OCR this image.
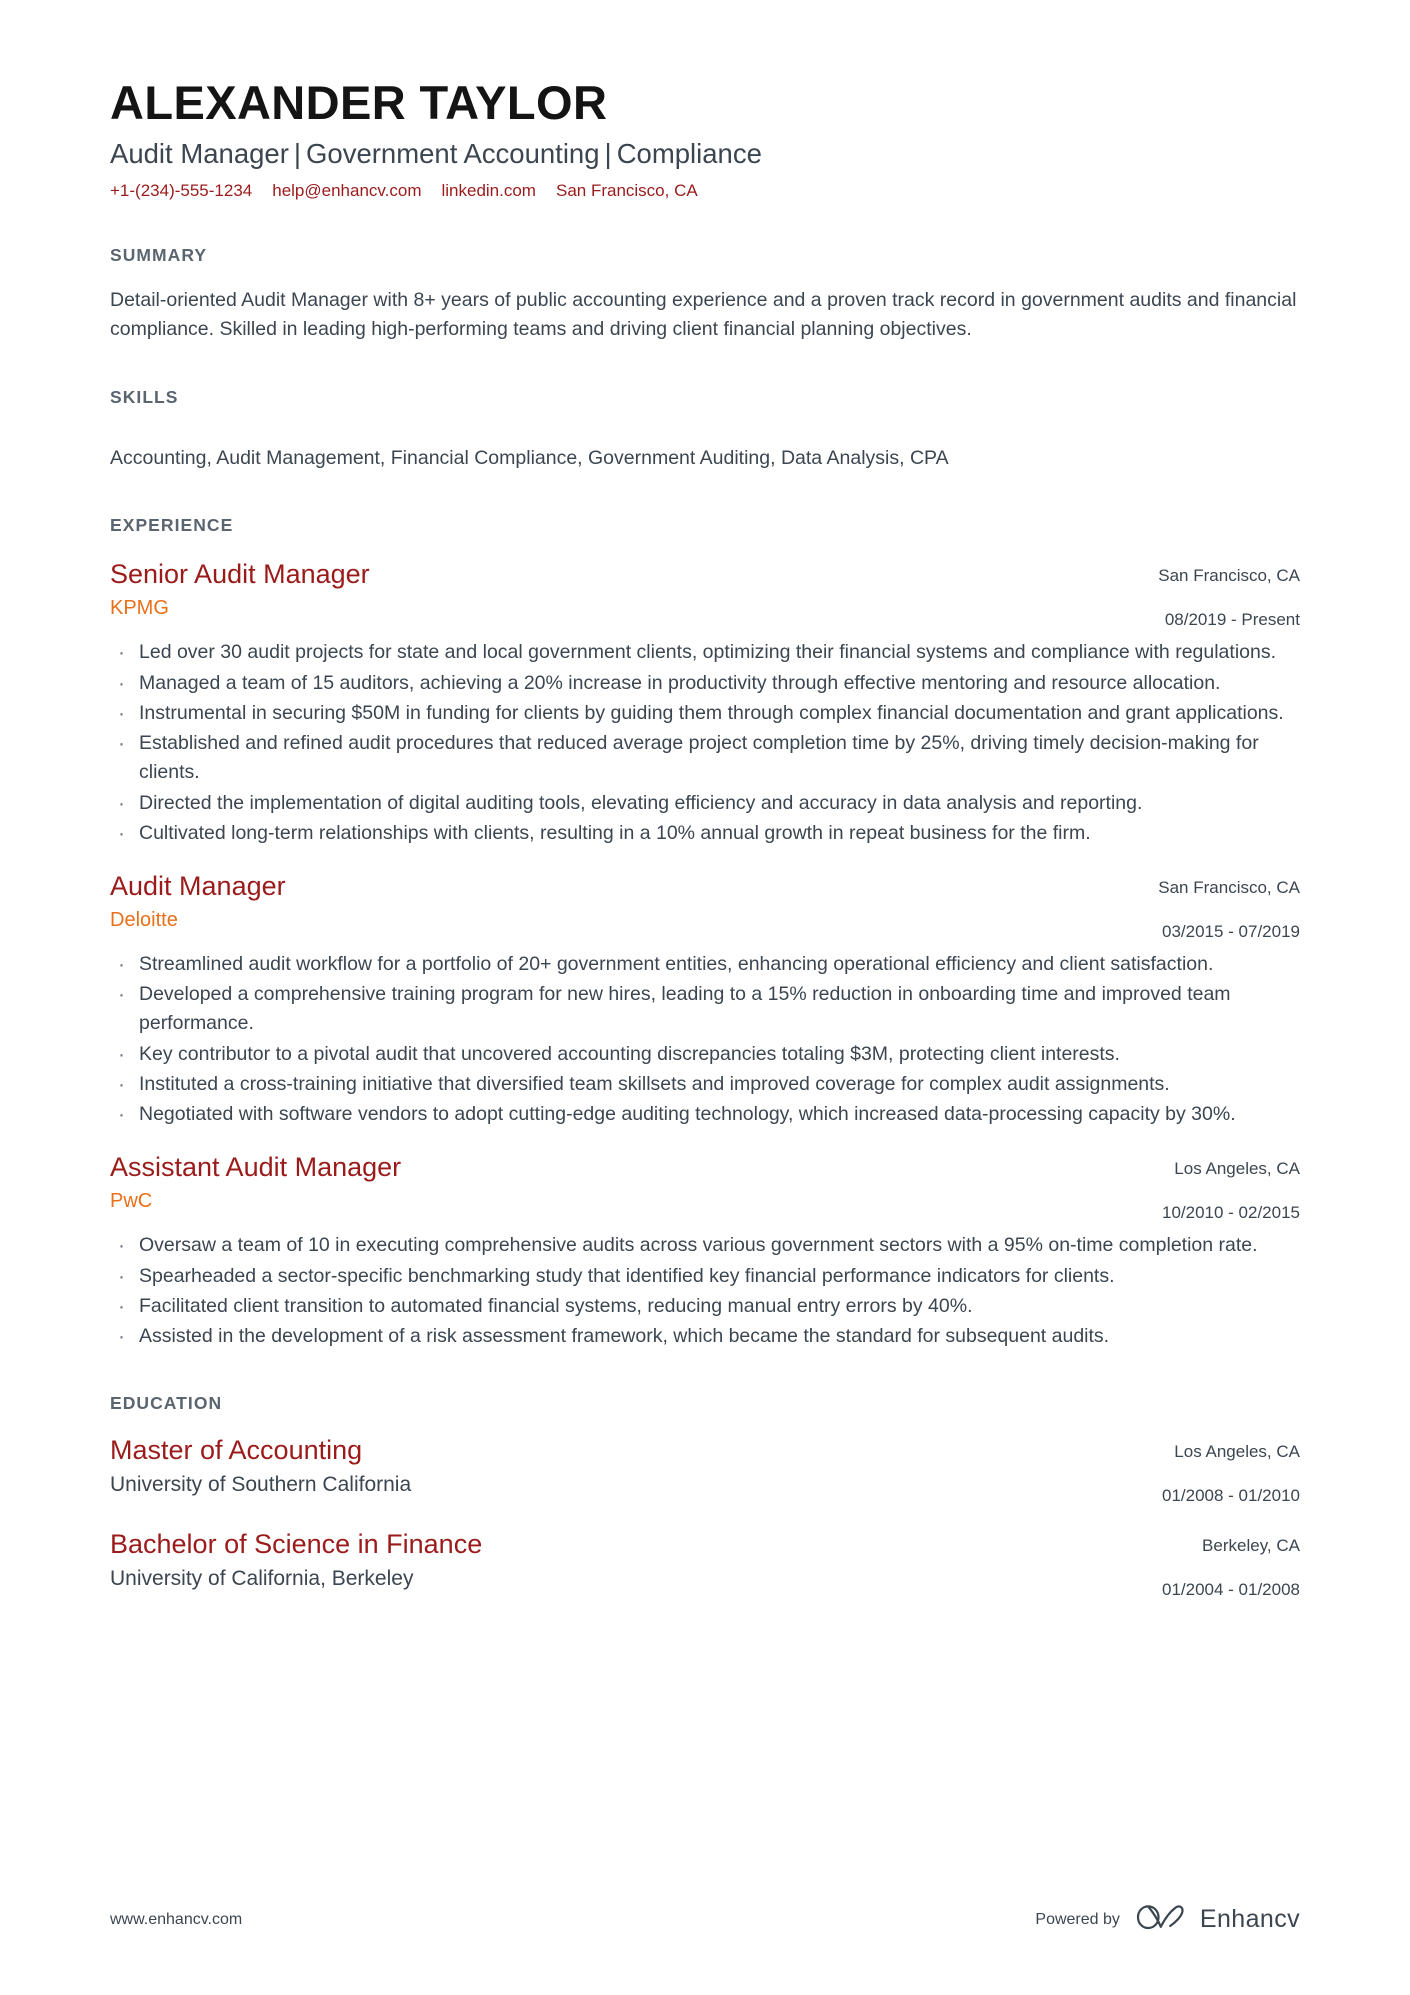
ALEXANDER TAYLOR
Audit Manager | Government Accounting | Compliance
+1-(234)-555-1234 help@enhancv.com linkedin.com San Francisco, CA
SUMMARY
Detail-oriented Audit Manager with 8+ years of public accounting experience and a proven track record in government audits and financial compliance. Skilled in leading high-performing teams and driving client financial planning objectives.
SKILLS
Accounting, Audit Management, Financial Compliance, Government Auditing, Data Analysis, CPA
EXPERIENCE
Senior Audit Manager
KPMG
San Francisco, CA
08/2019 - Present
· Led over 30 audit projects for state and local government clients, optimizing their financial systems and compliance with regulations.
· Managed a team of 15 auditors, achieving a 20% increase in productivity through effective mentoring and resource allocation.
· Instrumental in securing $50M in funding for clients by guiding them through complex financial documentation and grant applications.
· Established and refined audit procedures that reduced average project completion time by 25%, driving timely decision-making for clients.
· Directed the implementation of digital auditing tools, elevating efficiency and accuracy in data analysis and reporting.
· Cultivated long-term relationships with clients, resulting in a 10% annual growth in repeat business for the firm.
Audit Manager
Deloitte
San Francisco, CA
03/2015 - 07/2019
· Streamlined audit workflow for a portfolio of 20+ government entities, enhancing operational efficiency and client satisfaction.
· Developed a comprehensive training program for new hires, leading to a 15% reduction in onboarding time and improved team performance.
· Key contributor to a pivotal audit that uncovered accounting discrepancies totaling $3M, protecting client interests.
· Instituted a cross-training initiative that diversified team skillsets and improved coverage for complex audit assignments.
· Negotiated with software vendors to adopt cutting-edge auditing technology, which increased data-processing capacity by 30%.
Assistant Audit Manager
PwC
Los Angeles, CA
10/2010 - 02/2015
· Oversaw a team of 10 in executing comprehensive audits across various government sectors with a 95% on-time completion rate.
· Spearheaded a sector-specific benchmarking study that identified key financial performance indicators for clients.
· Facilitated client transition to automated financial systems, reducing manual entry errors by 40%.
· Assisted in the development of a risk assessment framework, which became the standard for subsequent audits.
EDUCATION
Master of Accounting
University of Southern California
Los Angeles, CA
01/2008 - 01/2010
Bachelor of Science in Finance
University of California, Berkeley
Berkeley, CA
01/2004 - 01/2008
www.enhancv.com	Powered by	Enhancv
